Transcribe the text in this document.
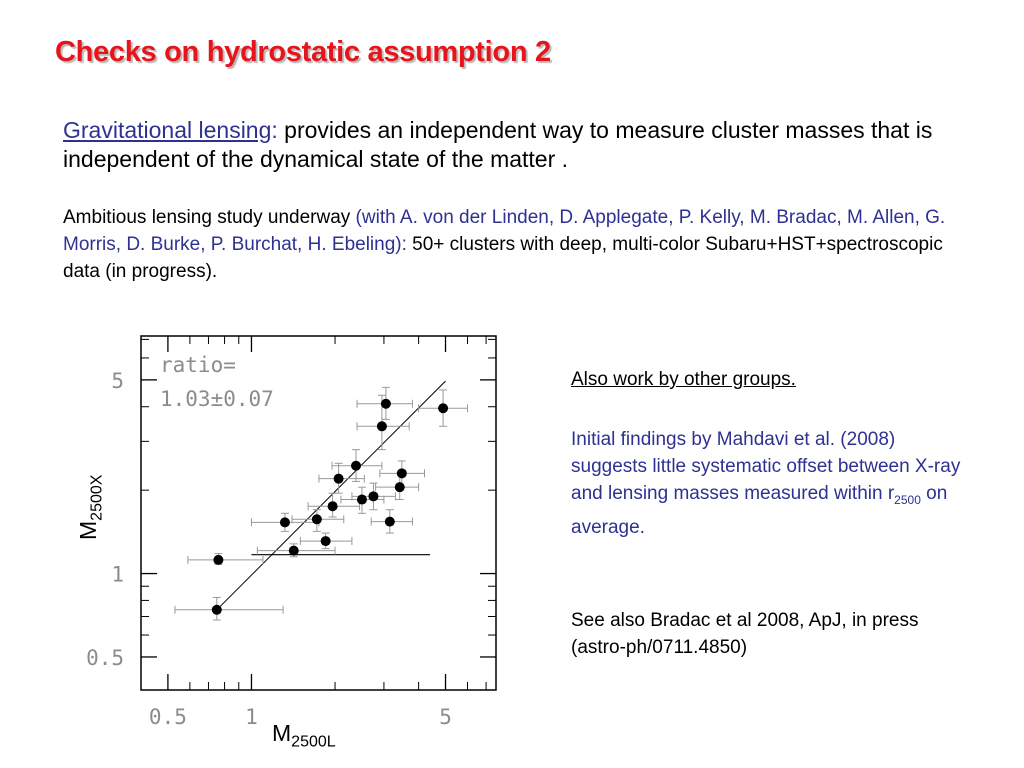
Checks on hydrostatic assumption 2
Gravitational lensing: provides an independent way to measure cluster masses that is independent of the dynamical state of the matter .
Ambitious lensing study underway (with A. von der Linden, D. Applegate, P. Kelly, M. Bradac, M. Allen, G. Morris, D. Burke, P. Burchat, H. Ebeling): 50+ clusters with deep, multi-color Subaru+HST+spectroscopic data (in progress).
Also work by other groups.
Initial findings by Mahdavi et al. (2008) suggests little systematic offset between X-ray and lensing masses measured within $r_{2500}$ on average.
See also Bradac et al 2008, ApJ, in press (astro-ph/0711.4850)
0.5	1	5
0.5
1
5
ratio=
1.03±0.07
$M_{2500X}$
$M_{2500L}$
